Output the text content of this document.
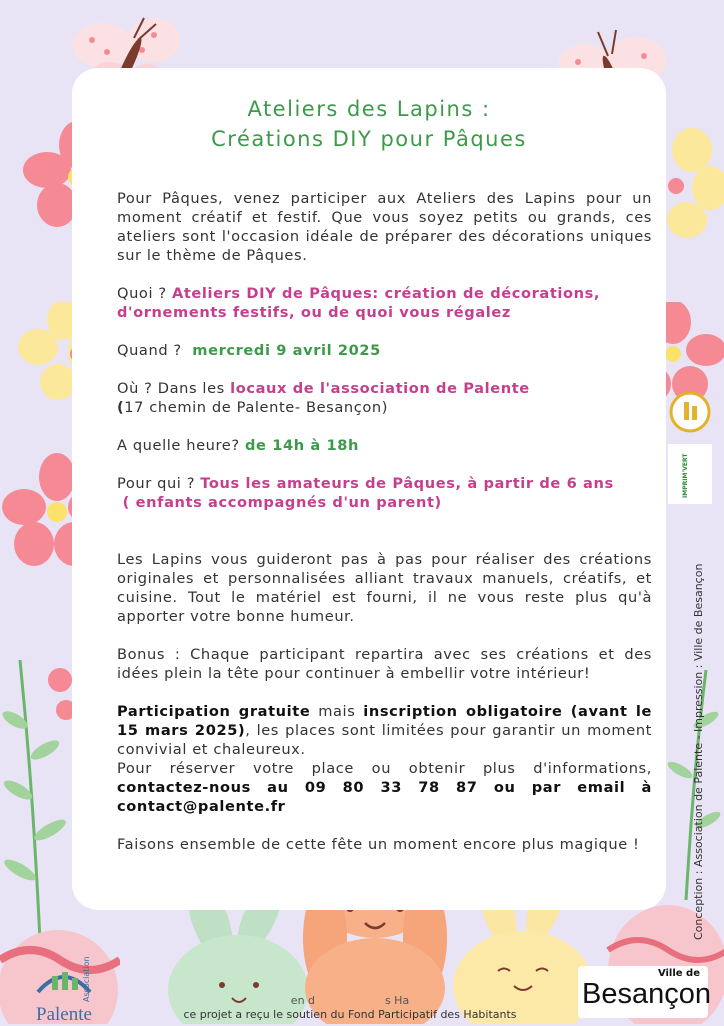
Ateliers des Lapins :
Créations DIY pour Pâques

Pour Pâques, venez participer aux Ateliers des Lapins pour un moment créatif et festif. Que vous soyez petits ou grands, ces ateliers sont l'occasion idéale de préparer des décorations uniques sur le thème de Pâques.

Quoi ? Ateliers DIY de Pâques: création de décorations, d'ornements festifs, ou de quoi vous régalez

Quand ?  mercredi 9 avril 2025

Où ? Dans les locaux de l'association de Palente
(17 chemin de Palente- Besançon)

A quelle heure? de 14h à 18h

Pour qui ? Tous les amateurs de Pâques, à partir de 6 ans
( enfants accompagnés d'un parent)

Les Lapins vous guideront pas à pas pour réaliser des créations originales et personnalisées alliant travaux manuels, créatifs, et cuisine. Tout le matériel est fourni, il ne vous reste plus qu'à apporter votre bonne humeur.

Bonus : Chaque participant repartira avec ses créations et des idées plein la tête pour continuer à embellir votre intérieur!

Participation gratuite mais inscription obligatoire (avant le 15 mars 2025), les places sont limitées pour garantir un moment convivial et chaleureux.

Pour réserver votre place ou obtenir plus d'informations, contactez-nous au 09 80 33 78 87 ou par email à contact@palente.fr

Faisons ensemble de cette fête un moment encore plus magique !

IMPRIM'VERT
Conception : Association de Palente - Impression : Ville de Besançon
en d                    s Ha
ce projet a reçu le soutien du Fond Participatif des Habitants
Association
Palente
Ville de
Besançon
